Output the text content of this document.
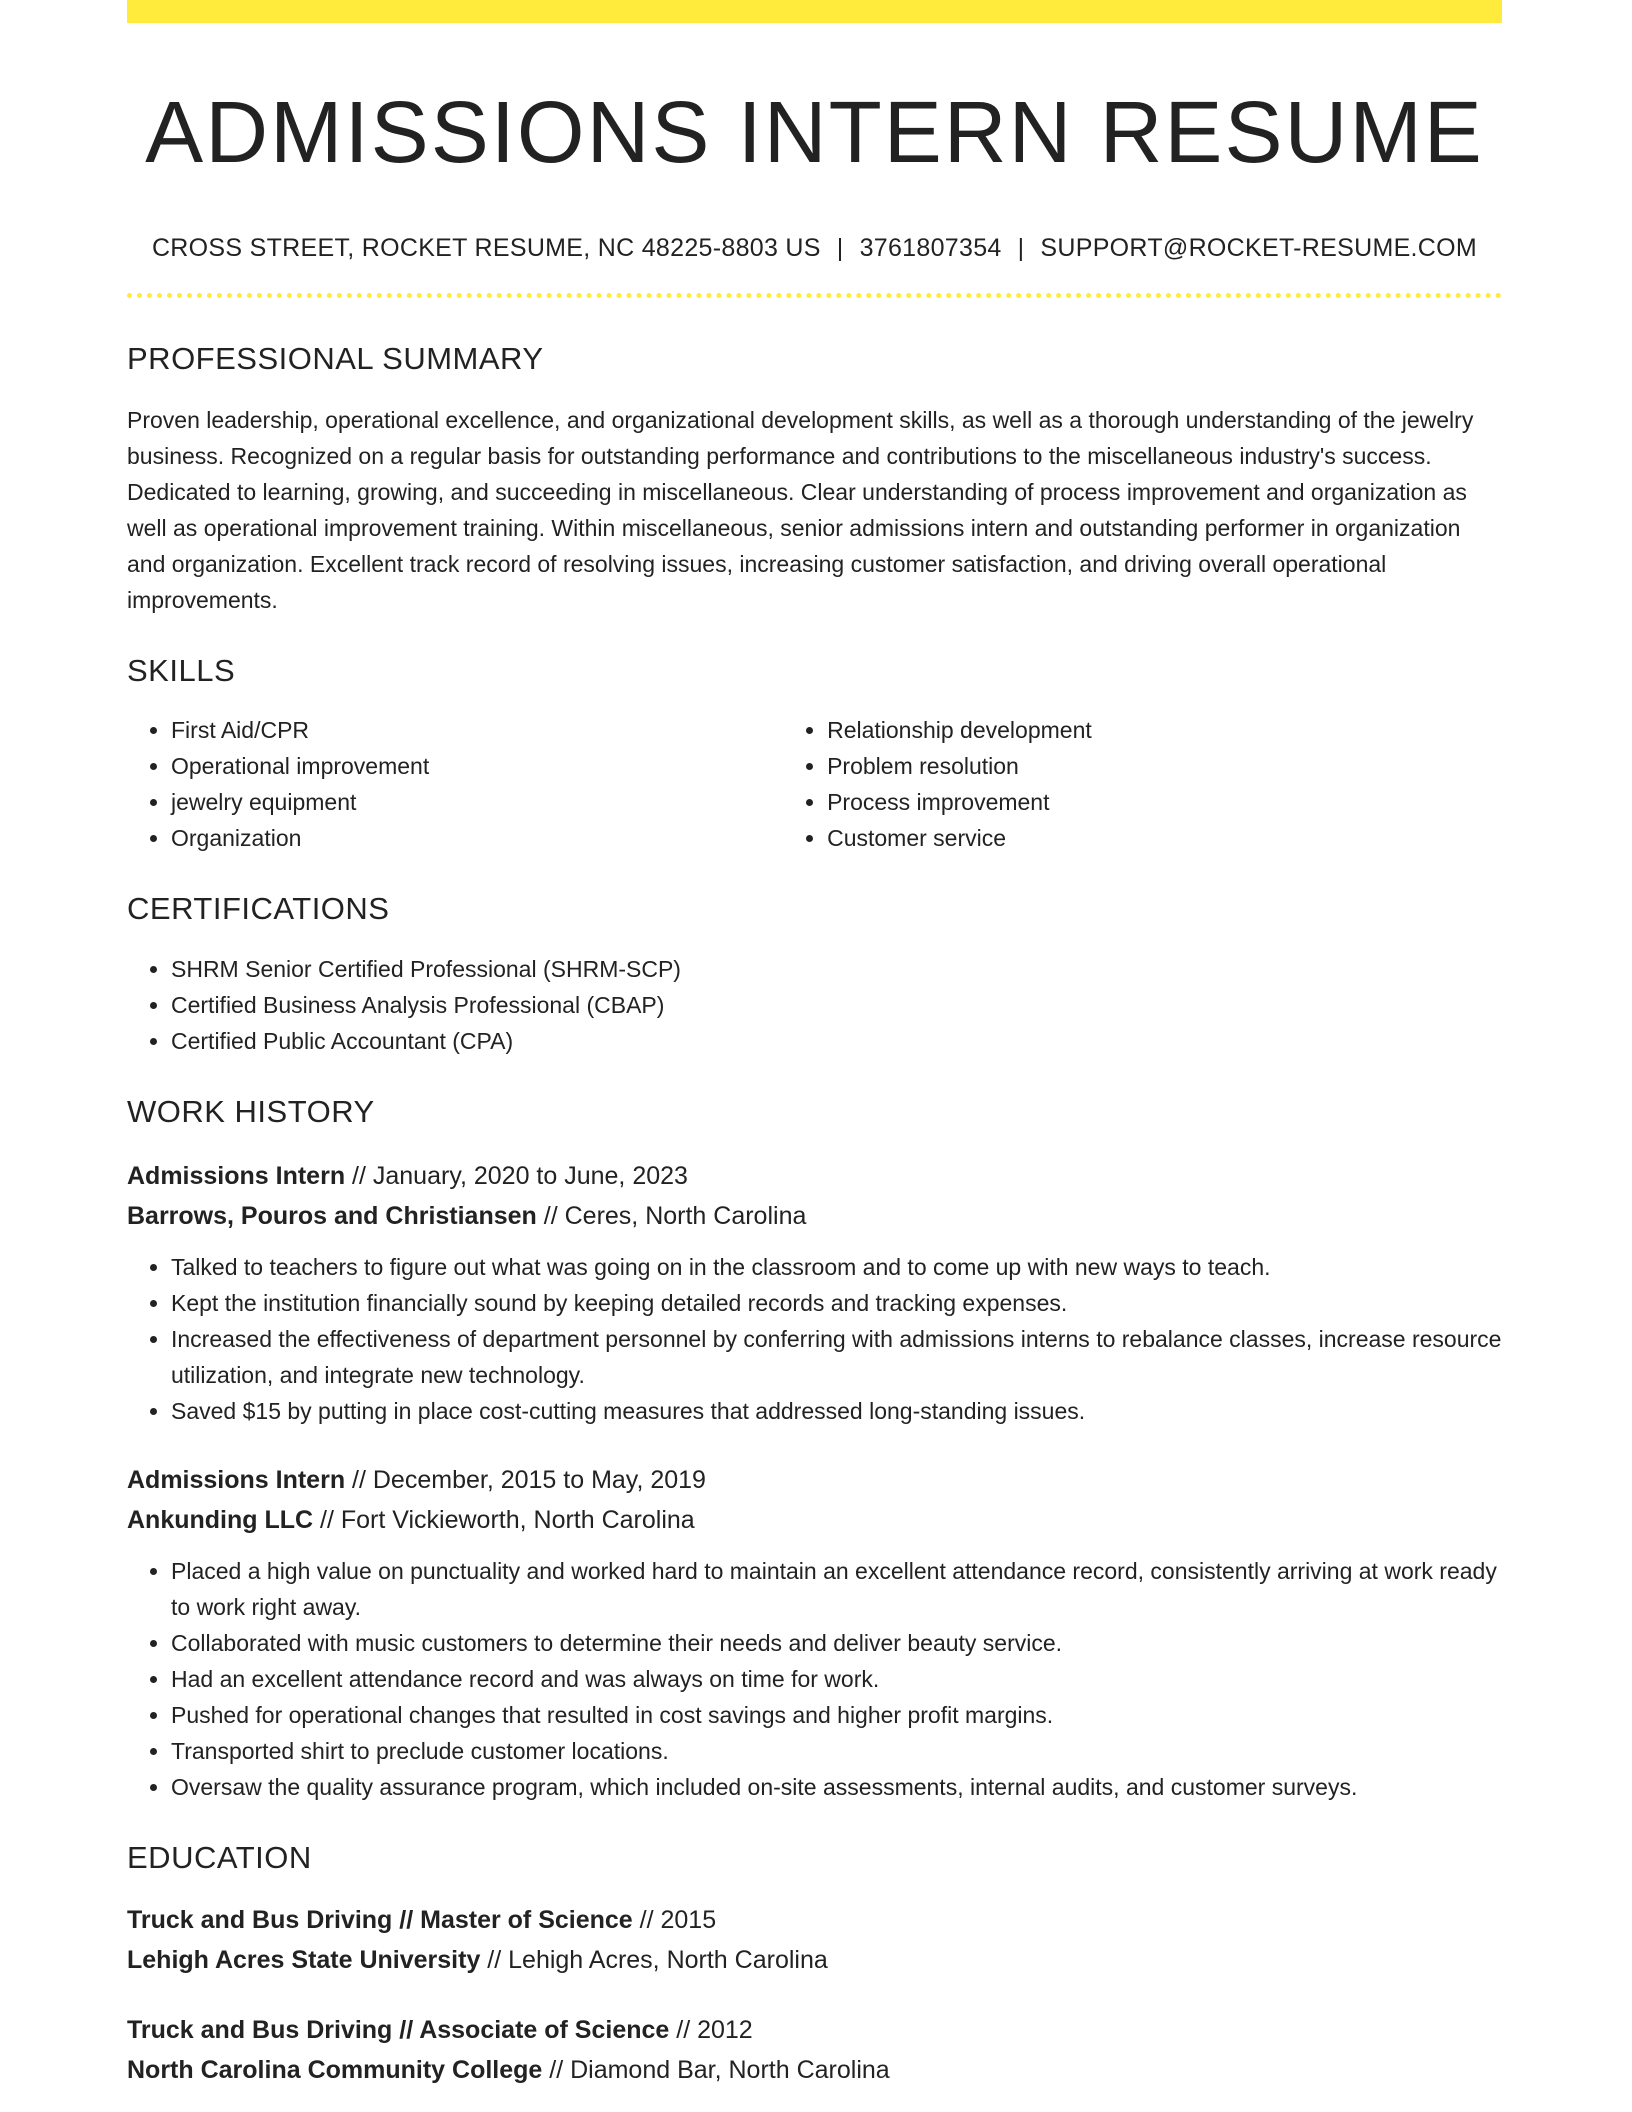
ADMISSIONS INTERN RESUME
CROSS STREET, ROCKET RESUME, NC 48225-8803 US | 3761807354 | SUPPORT@ROCKET-RESUME.COM
PROFESSIONAL SUMMARY

Proven leadership, operational excellence, and organizational development skills, as well as a thorough understanding of the jewelry business. Recognized on a regular basis for outstanding performance and contributions to the miscellaneous industry's success. Dedicated to learning, growing, and succeeding in miscellaneous. Clear understanding of process improvement and organization as well as operational improvement training. Within miscellaneous, senior admissions intern and outstanding performer in organization and organization. Excellent track record of resolving issues, increasing customer satisfaction, and driving overall operational improvements.

SKILLS
• First Aid/CPR
• Operational improvement
• jewelry equipment
• Organization
• Relationship development
• Problem resolution
• Process improvement
• Customer service
CERTIFICATIONS
• SHRM Senior Certified Professional (SHRM-SCP)
• Certified Business Analysis Professional (CBAP)
• Certified Public Accountant (CPA)
WORK HISTORY
Admissions Intern // January, 2020 to June, 2023
Barrows, Pouros and Christiansen // Ceres, North Carolina
• Talked to teachers to figure out what was going on in the classroom and to come up with new ways to teach.
• Kept the institution financially sound by keeping detailed records and tracking expenses.
• Increased the effectiveness of department personnel by conferring with admissions interns to rebalance classes, increase resource utilization, and integrate new technology.
• Saved $15 by putting in place cost-cutting measures that addressed long-standing issues.
Admissions Intern // December, 2015 to May, 2019
Ankunding LLC // Fort Vickieworth, North Carolina
• Placed a high value on punctuality and worked hard to maintain an excellent attendance record, consistently arriving at work ready to work right away.
• Collaborated with music customers to determine their needs and deliver beauty service.
• Had an excellent attendance record and was always on time for work.
• Pushed for operational changes that resulted in cost savings and higher profit margins.
• Transported shirt to preclude customer locations.
• Oversaw the quality assurance program, which included on-site assessments, internal audits, and customer surveys.
EDUCATION
Truck and Bus Driving // Master of Science // 2015
Lehigh Acres State University // Lehigh Acres, North Carolina
Truck and Bus Driving // Associate of Science // 2012
North Carolina Community College // Diamond Bar, North Carolina
